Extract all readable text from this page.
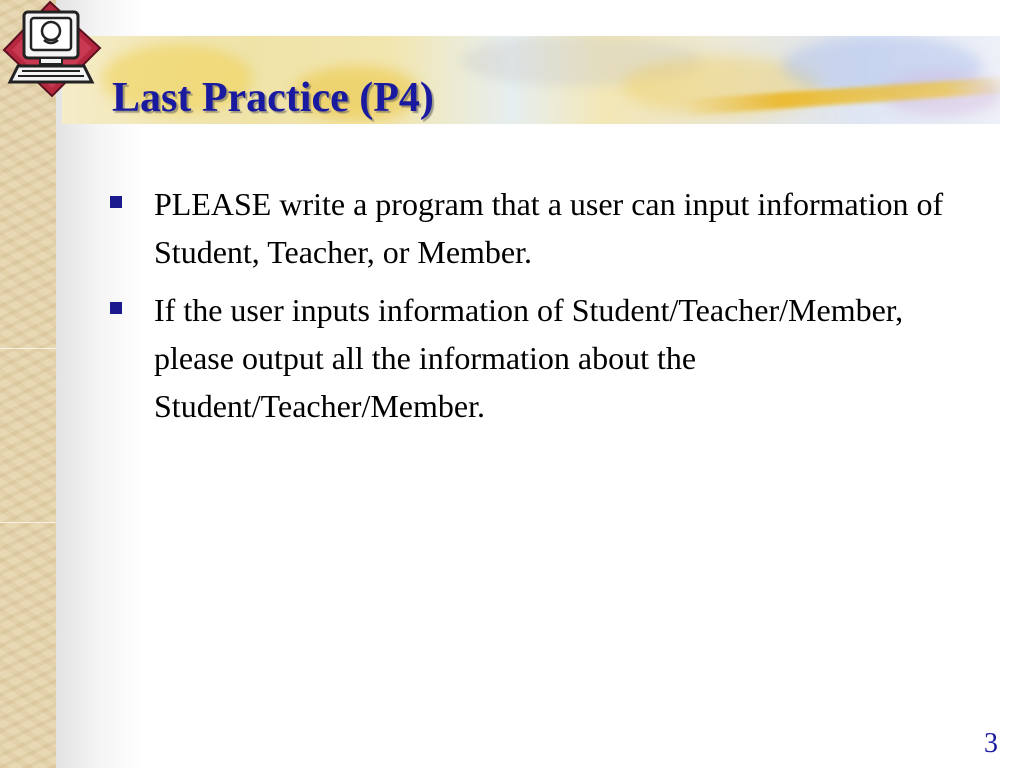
Last Practice (P4)
PLEASE write a program that a user can input information of Student, Teacher, or Member.
If the user inputs information of Student/Teacher/Member, please output all the information about the Student/Teacher/Member.
3
